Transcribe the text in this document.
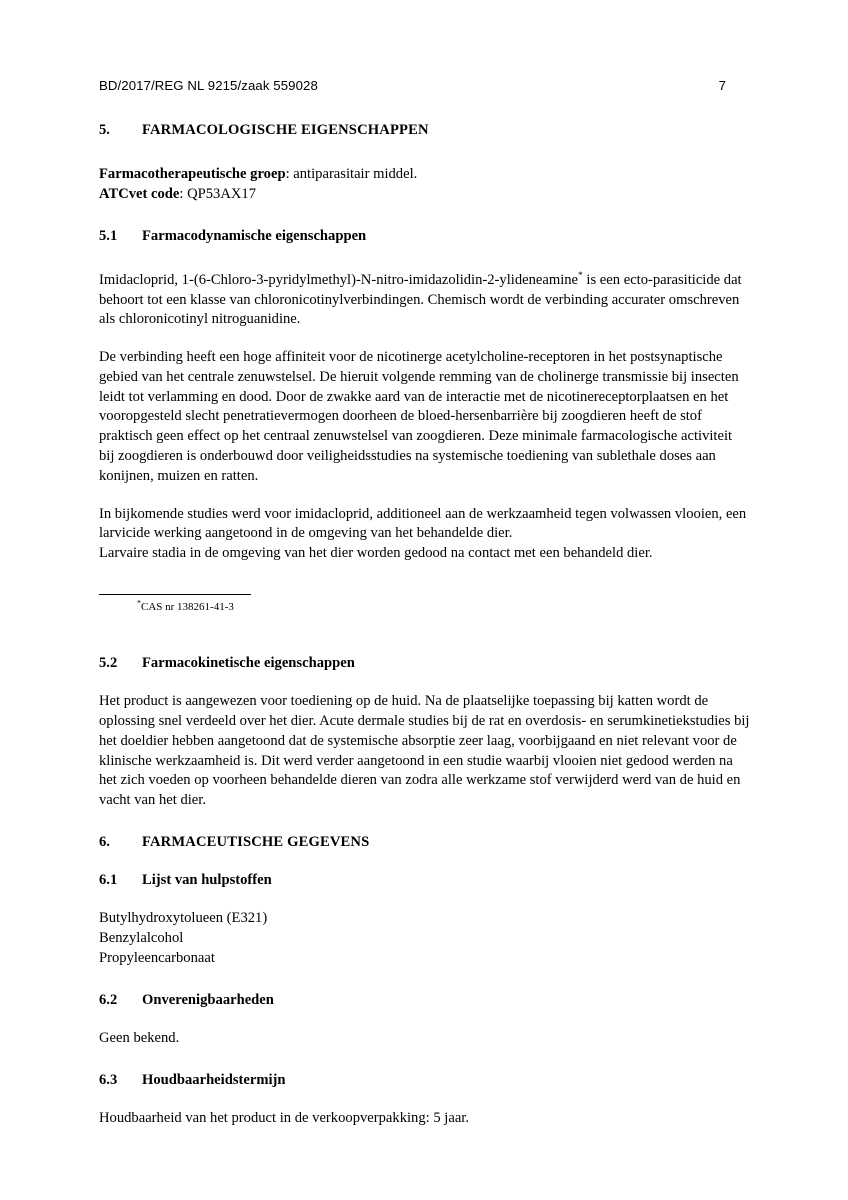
BD/2017/REG NL 9215/zaak 559028	7
5.	FARMACOLOGISCHE EIGENSCHAPPEN
Farmacotherapeutische groep: antiparasitair middel.
ATCvet code: QP53AX17
5.1	Farmacodynamische eigenschappen

Imidacloprid, 1-(6-Chloro-3-pyridylmethyl)-N-nitro-imidazolidin-2-ylideneamine* is een ecto-parasiticide dat behoort tot een klasse van chloronicotinylverbindingen. Chemisch wordt de verbinding accurater omschreven als chloronicotinyl nitroguanidine.

De verbinding heeft een hoge affiniteit voor de nicotinerge acetylcholine-receptoren in het postsynaptische gebied van het centrale zenuwstelsel. De hieruit volgende remming van de cholinerge transmissie bij insecten leidt tot verlamming en dood. Door de zwakke aard van de interactie met de nicotinereceptorplaatsen en het vooropgesteld slecht penetratievermogen doorheen de bloed-hersenbarrière bij zoogdieren heeft de stof praktisch geen effect op het centraal zenuwstelsel van zoogdieren. Deze minimale farmacologische activiteit bij zoogdieren is onderbouwd door veiligheidsstudies na systemische toediening van sublethale doses aan konijnen, muizen en ratten.

In bijkomende studies werd voor imidacloprid, additioneel aan de werkzaamheid tegen volwassen vlooien, een larvicide werking aangetoond in de omgeving van het behandelde dier.

Larvaire stadia in de omgeving van het dier worden gedood na contact met een behandeld dier.

*CAS nr 138261-41-3

5.2	Farmacokinetische eigenschappen

Het product is aangewezen voor toediening op de huid. Na de plaatselijke toepassing bij katten wordt de oplossing snel verdeeld over het dier. Acute dermale studies bij de rat en overdosis- en serumkinetiekstudies bij het doeldier hebben aangetoond dat de systemische absorptie zeer laag, voorbijgaand en niet relevant voor de klinische werkzaamheid is. Dit werd verder aangetoond in een studie waarbij vlooien niet gedood werden na het zich voeden op voorheen behandelde dieren van zodra alle werkzame stof verwijderd werd van de huid en vacht van het dier.

6.	FARMACEUTISCHE GEGEVENS
6.1	Lijst van hulpstoffen
Butylhydroxytolueen (E321)
Benzylalcohol
Propyleencarbonaat
6.2	Onverenigbaarheden

Geen bekend.

6.3	Houdbaarheidstermijn

Houdbaarheid van het product in de verkoopverpakking: 5 jaar.
